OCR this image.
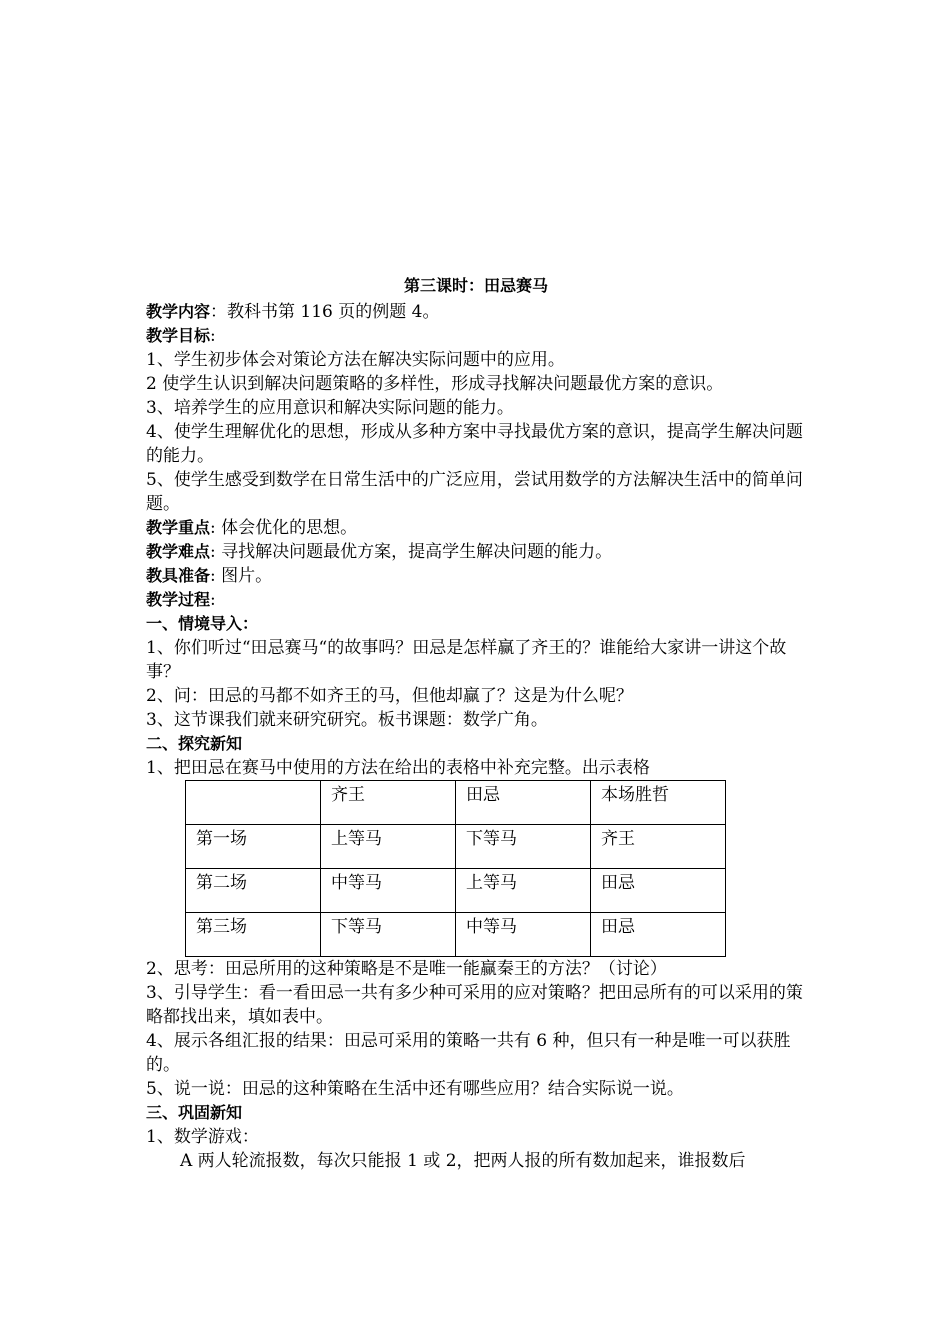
第三课时：田忌赛马

教学内容：教科书第 116 页的例题 4。

教学目标:

1、学生初步体会对策论方法在解决实际问题中的应用。

2 使学生认识到解决问题策略的多样性，形成寻找解决问题最优方案的意识。

3、培养学生的应用意识和解决实际问题的能力。

4、使学生理解优化的思想，形成从多种方案中寻找最优方案的意识，提高学生解决问题的能力。

5、使学生感受到数学在日常生活中的广泛应用，尝试用数学的方法解决生活中的简单问题。

教学重点: 体会优化的思想。

教学难点: 寻找解决问题最优方案，提高学生解决问题的能力。

教具准备: 图片。

教学过程:

一、情境导入：

1、你们听过“田忌赛马“的故事吗？田忌是怎样赢了齐王的？谁能给大家讲一讲这个故事？

2、问：田忌的马都不如齐王的马，但他却赢了？这是为什么呢？

3、这节课我们就来研究研究。板书课题：数学广角。

二、探究新知

1、把田忌在赛马中使用的方法在给出的表格中补充完整。出示表格

	齐王	田忌	本场胜哲
第一场	上等马	下等马	齐王
第二场	中等马	上等马	田忌
第三场	下等马	中等马	田忌

2、思考：田忌所用的这种策略是不是唯一能赢秦王的方法？（讨论）

3、引导学生：看一看田忌一共有多少种可采用的应对策略？把田忌所有的可以采用的策略都找出来，填如表中。

4、展示各组汇报的结果：田忌可采用的策略一共有 6 种，但只有一种是唯一可以获胜的。

5、说一说：田忌的这种策略在生活中还有哪些应用？结合实际说一说。

三、巩固新知

1、数学游戏：

A 两人轮流报数，每次只能报 1 或 2，把两人报的所有数加起来，谁报数后
